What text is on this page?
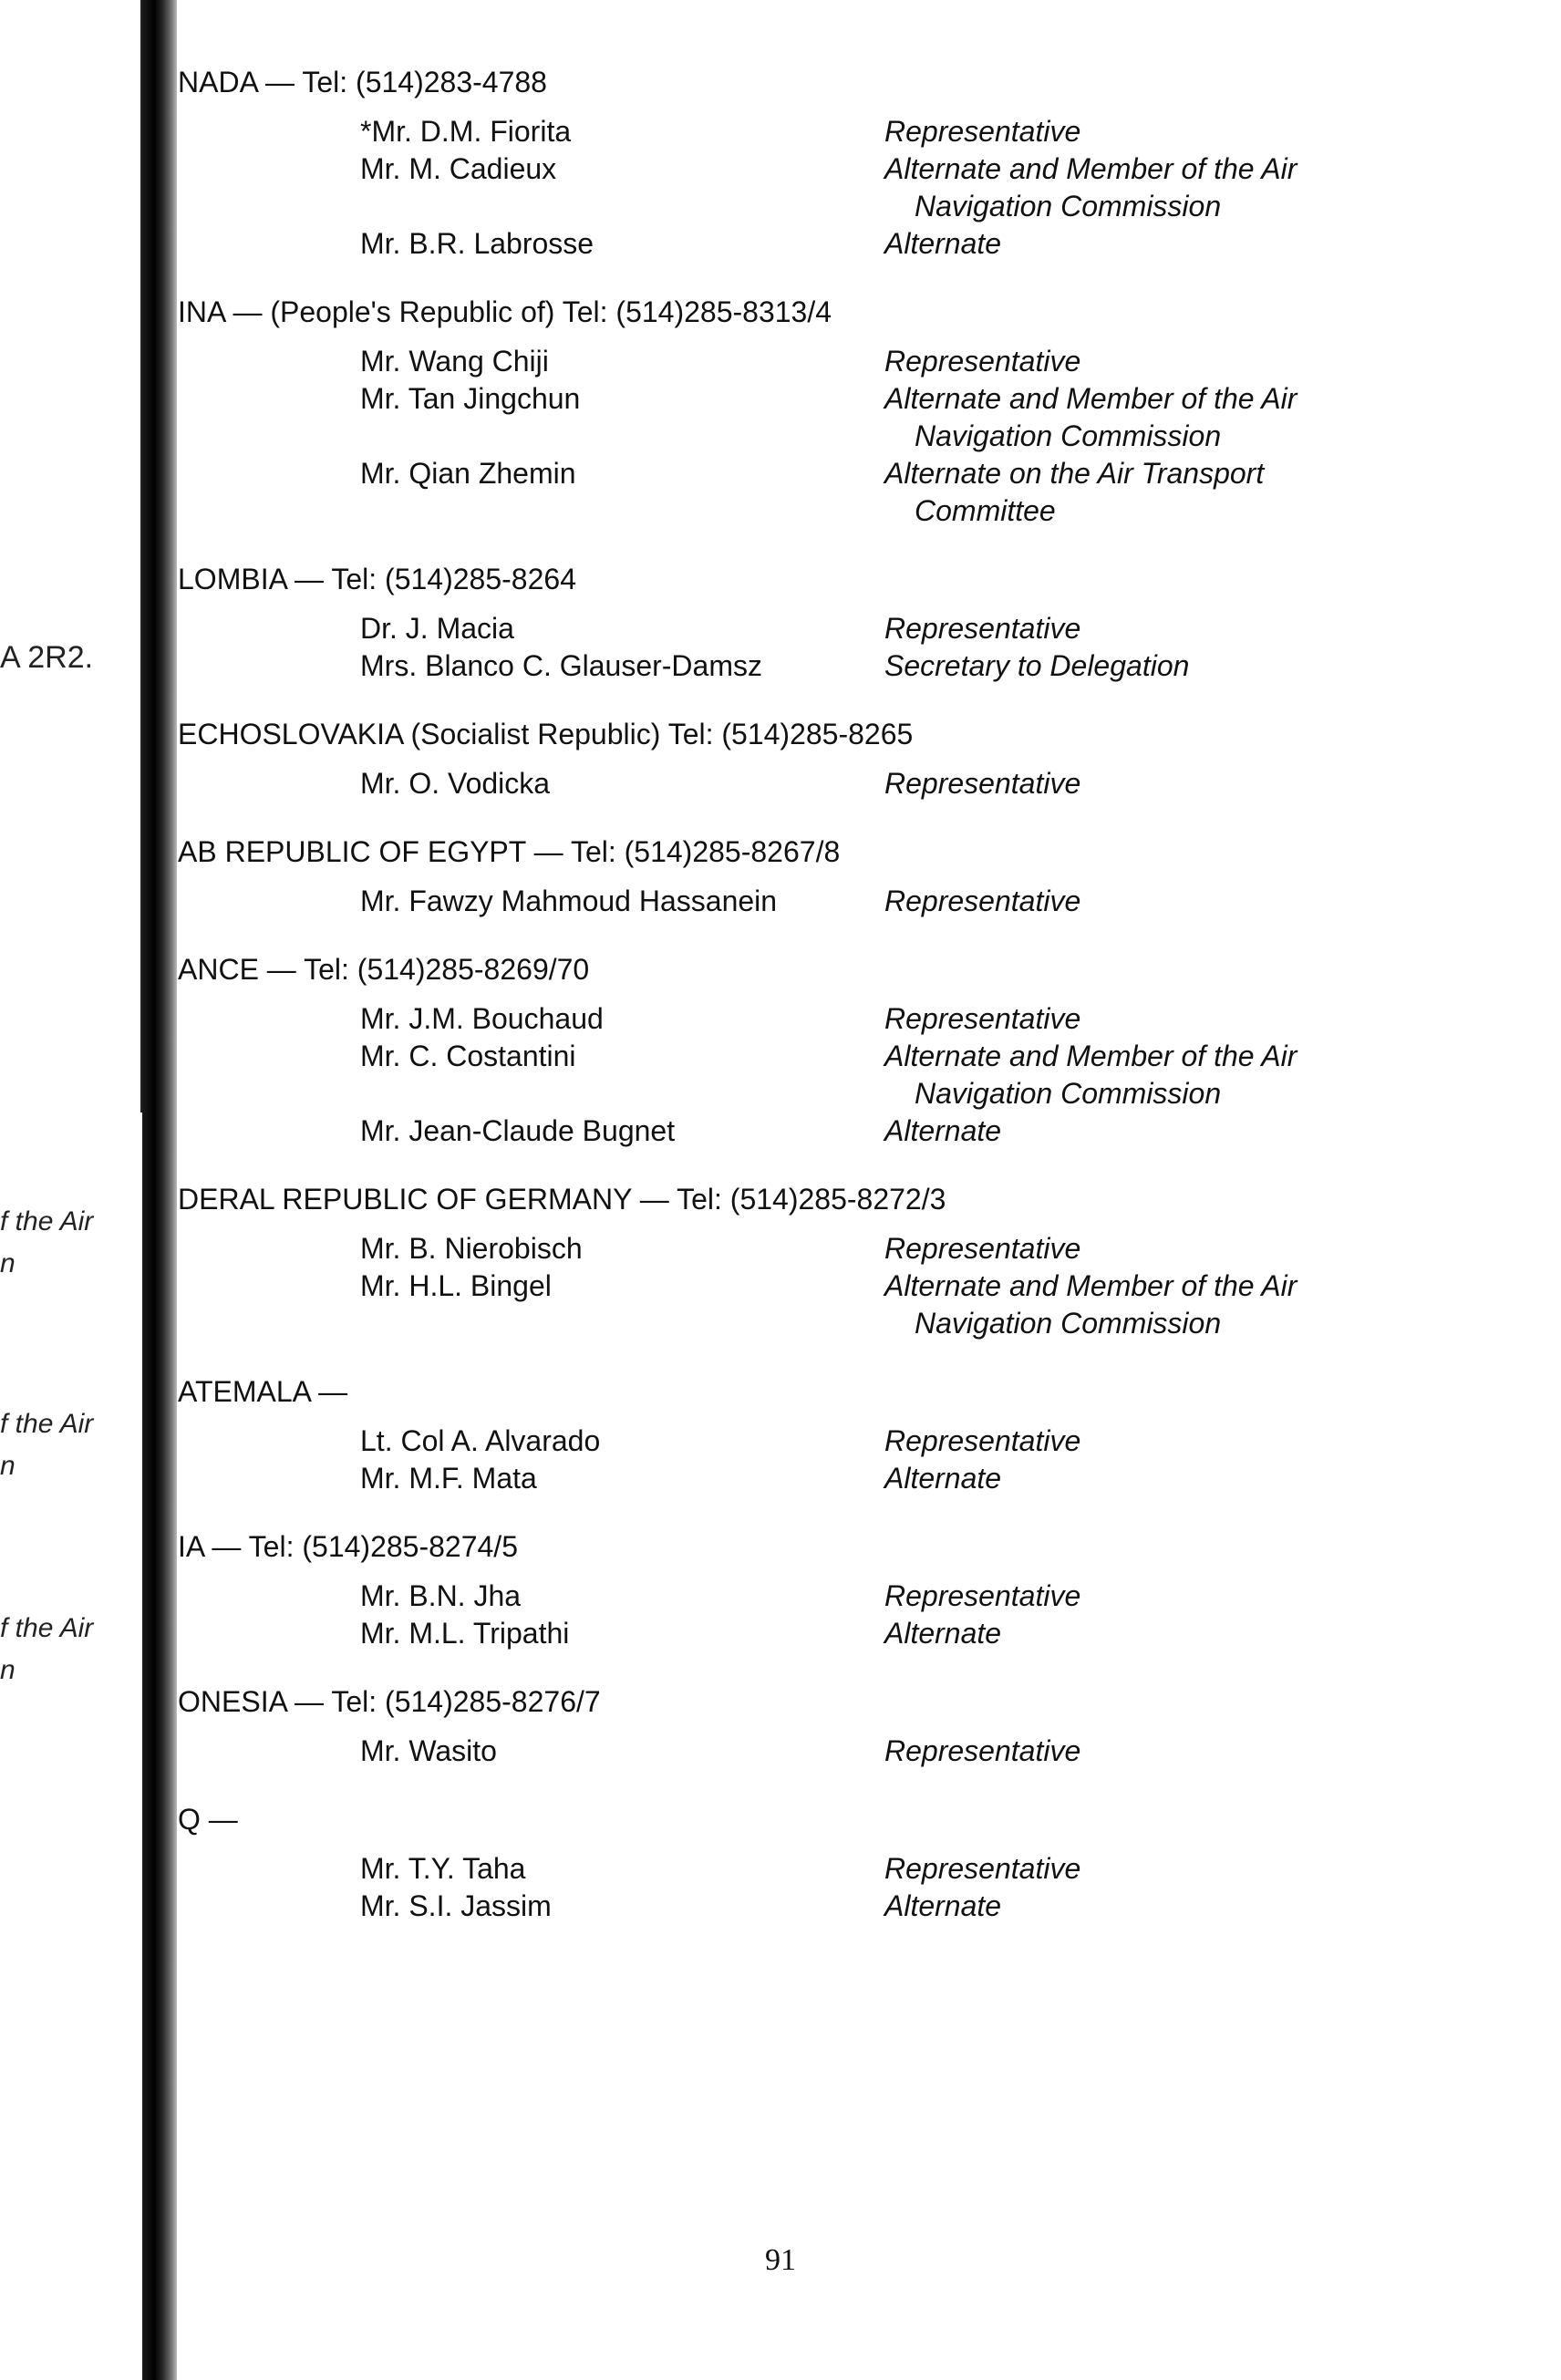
A 2R2.
f the Air
n
f the Air
n
f the Air
n
NADA — Tel: (514)283-4788
*Mr. D.M. Fiorita	Representative
Mr. M. Cadieux	Alternate and Member of the Air
Navigation Commission
Mr. B.R. Labrosse	Alternate
INA — (People's Republic of) Tel: (514)285-8313/4
Mr. Wang Chiji	Representative
Mr. Tan Jingchun	Alternate and Member of the Air
Navigation Commission
Mr. Qian Zhemin	Alternate on the Air Transport
Committee
LOMBIA — Tel: (514)285-8264
Dr. J. Macia	Representative
Mrs. Blanco C. Glauser-Damsz	Secretary to Delegation
ECHOSLOVAKIA (Socialist Republic) Tel: (514)285-8265
Mr. O. Vodicka	Representative
AB REPUBLIC OF EGYPT — Tel: (514)285-8267/8
Mr. Fawzy Mahmoud Hassanein	Representative
ANCE — Tel: (514)285-8269/70
Mr. J.M. Bouchaud	Representative
Mr. C. Costantini	Alternate and Member of the Air
Navigation Commission
Mr. Jean-Claude Bugnet	Alternate
DERAL REPUBLIC OF GERMANY — Tel: (514)285-8272/3
Mr. B. Nierobisch	Representative
Mr. H.L. Bingel	Alternate and Member of the Air
Navigation Commission
ATEMALA —
Lt. Col A. Alvarado	Representative
Mr. M.F. Mata	Alternate
IA — Tel: (514)285-8274/5
Mr. B.N. Jha	Representative
Mr. M.L. Tripathi	Alternate
ONESIA — Tel: (514)285-8276/7
Mr. Wasito	Representative
Q —
Mr. T.Y. Taha	Representative
Mr. S.I. Jassim	Alternate
91
